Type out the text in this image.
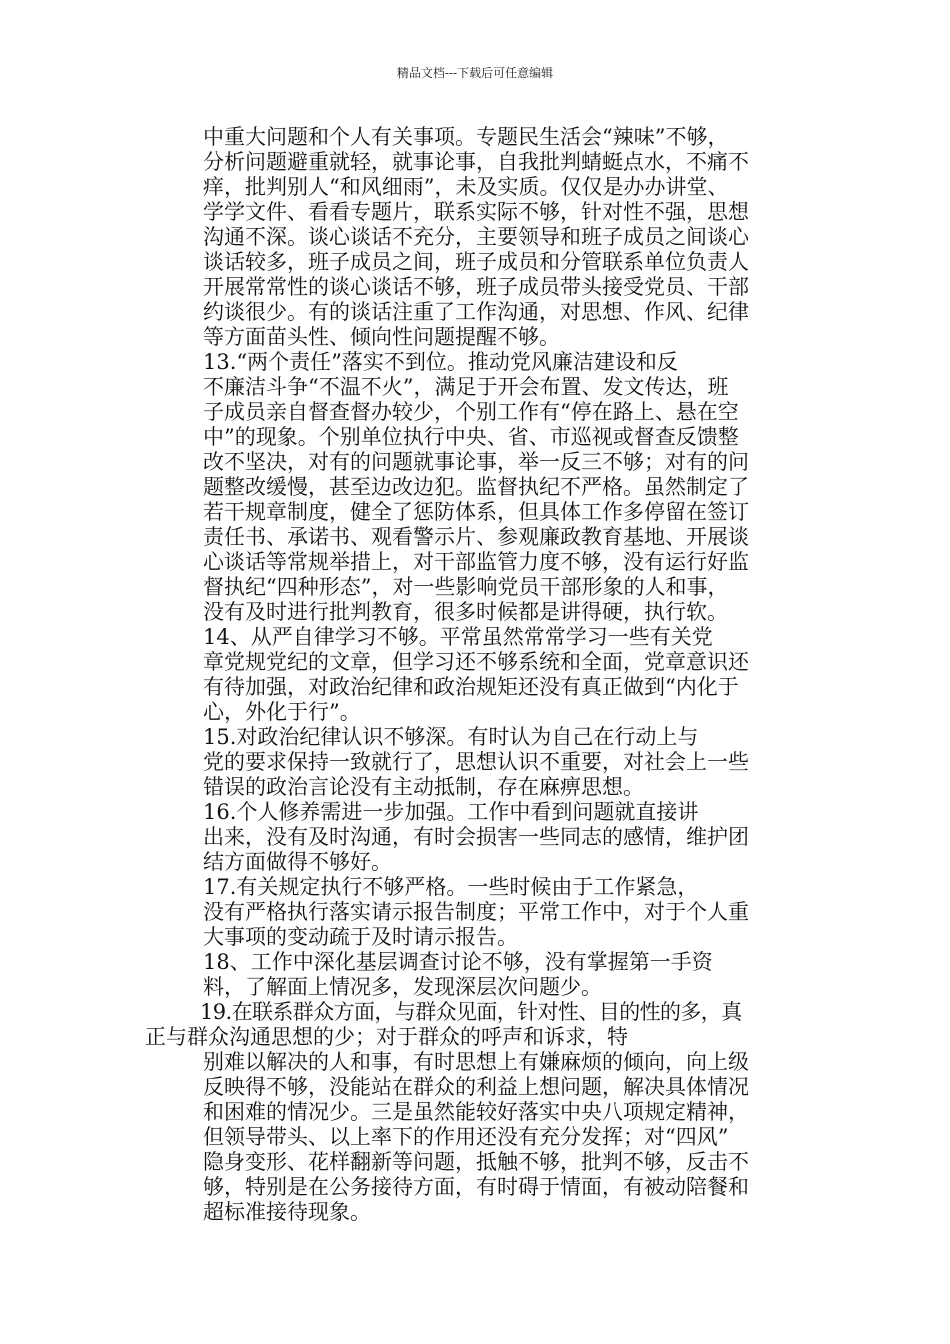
精品文档---下载后可任意编辑
中重大问题和个人有关事项。专题民生活会“辣味”不够，
分析问题避重就轻，就事论事，自我批判蜻蜓点水，不痛不
痒，批判别人“和风细雨”，未及实质。仅仅是办办讲堂、
学学文件、看看专题片，联系实际不够，针对性不强，思想
沟通不深。谈心谈话不充分，主要领导和班子成员之间谈心
谈话较多，班子成员之间，班子成员和分管联系单位负责人
开展常常性的谈心谈话不够，班子成员带头接受党员、干部
约谈很少。有的谈话注重了工作沟通，对思想、作风、纪律
等方面苗头性、倾向性问题提醒不够。
13.“两个责任”落实不到位。推动党风廉洁建设和反
不廉洁斗争“不温不火”，满足于开会布置、发文传达，班
子成员亲自督查督办较少，个别工作有“停在路上、悬在空
中”的现象。个别单位执行中央、省、市巡视或督查反馈整
改不坚决，对有的问题就事论事，举一反三不够；对有的问
题整改缓慢，甚至边改边犯。监督执纪不严格。虽然制定了
若干规章制度，健全了惩防体系，但具体工作多停留在签订
责任书、承诺书、观看警示片、参观廉政教育基地、开展谈
心谈话等常规举措上，对干部监管力度不够，没有运行好监
督执纪“四种形态”，对一些影响党员干部形象的人和事，
没有及时进行批判教育，很多时候都是讲得硬，执行软。
14、从严自律学习不够。平常虽然常常学习一些有关党
章党规党纪的文章，但学习还不够系统和全面，党章意识还
有待加强，对政治纪律和政治规矩还没有真正做到“内化于
心，外化于行”。
15.对政治纪律认识不够深。有时认为自己在行动上与
党的要求保持一致就行了，思想认识不重要，对社会上一些
错误的政治言论没有主动抵制，存在麻痹思想。
16.个人修养需进一步加强。工作中看到问题就直接讲
出来，没有及时沟通，有时会损害一些同志的感情，维护团
结方面做得不够好。
17.有关规定执行不够严格。一些时候由于工作紧急，
没有严格执行落实请示报告制度；平常工作中，对于个人重
大事项的变动疏于及时请示报告。
18、工作中深化基层调查讨论不够，没有掌握第一手资
料，了解面上情况多，发现深层次问题少。
19.在联系群众方面，与群众见面，针对性、目的性的多，真
正与群众沟通思想的少；对于群众的呼声和诉求，特
别难以解决的人和事，有时思想上有嫌麻烦的倾向，向上级
反映得不够，没能站在群众的利益上想问题，解决具体情况
和困难的情况少。三是虽然能较好落实中央八项规定精神，
但领导带头、以上率下的作用还没有充分发挥；对“四风”
隐身变形、花样翻新等问题，抵触不够，批判不够，反击不
够，特别是在公务接待方面，有时碍于情面，有被动陪餐和
超标准接待现象。
